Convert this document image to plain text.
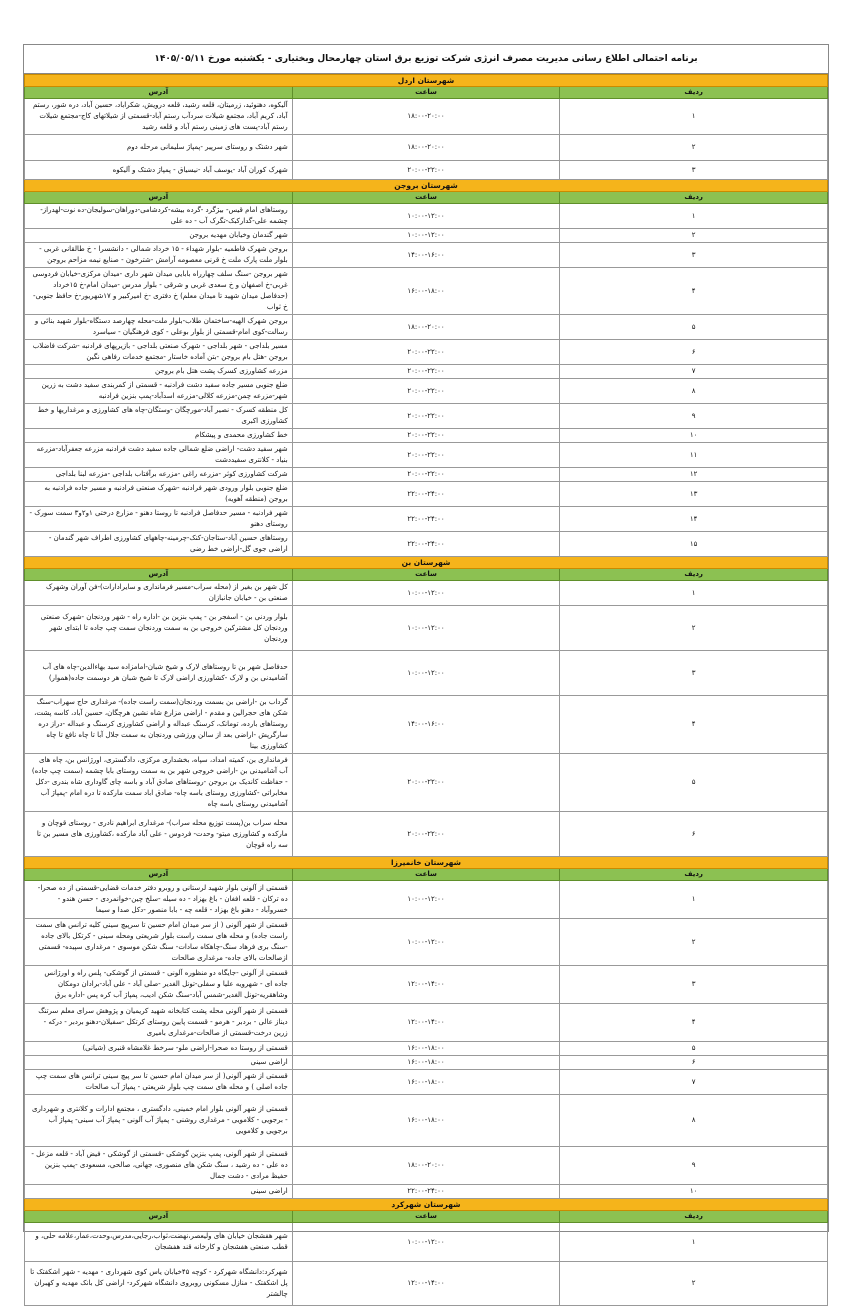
برنامه احتمالی اطلاع رسانی مدیریت مصرف انرژی شرکت توزیع برق استان چهارمحال وبختیاری - یکشنبه مورخ ۱۴۰۵/۰۵/۱۱
شهرستان اردل		
ردیف	ساعت	آدرس
۱	۱۸:۰۰-۲۰:۰۰	آلیکوه، دهنوئید، زرمیتان، قلعه رشید، قلعه درویش، شکراباد، حسین آباد، دره شور، رستم آباد، کریم آباد، مجتمع شیلات سردآب رستم آباد-قسمتی از شیلاتهای کاج-مجتمع شیلات رستم آباد-پست های زمینی رستم آباد و قلعه رشید
۲	۱۸:۰۰-۲۰:۰۰	شهر دشتک و روستای سرپیر -پمپاژ سلیمانی مرحله دوم
۳	۲۰:۰۰-۲۲:۰۰	شهرک کوران آباد -یوسف آباد -نیسیاق - پمپاژ دشتک و آلیکوه
شهرستان بروجن		
ردیف	ساعت	آدرس
۱	۱۰:۰۰-۱۲:۰۰	روستاهای امام قیس- بیژگرد -گرده بیشه-کردشامی-دوراهان-سولیجان-ده نوت-لهدراز-چشمه علی-گدارکبک-تگرک آب - ده علی
۲	۱۰:۰۰-۱۲:۰۰	شهر گندمان وخیابان مهدیه بروجن
۳	۱۴:۰۰-۱۶:۰۰	بروجن شهرک فاطمیه -بلوار شهداء - ۱۵ خرداد شمالی - دانشسرا - خ طالقانی غربی - بلوار ملت پارک ملت خ قرنی معصومه آرامش -شترخون - صنایع نیمه مزاحم بروجن
۴	۱۶:۰۰-۱۸:۰۰	شهر بروجن -سنگ سلف چهارراه بابایی میدان شهر داری -میدان مرکزی-خیابان فردوسی غربی-خ اصفهان و خ سعدی غربی و شرقی - بلوار مدرس -میدان امام-خ ۱۵خرداد (حدفاصل میدان شهید تا میدان معلم) خ دفتری -خ امیرکبیر و ۱۷شهریور-خ حافظ جنوبی-خ ثواب
۵	۱۸:۰۰-۲۰:۰۰	بروجن شهرک الهیه-ساختمان طلاب-بلوار ملت-محله چهارصد دستگاه-بلوار شهید بنائی و رسالت-کوی امام-قسمتی از بلوار بوعلی - کوی فرهنگیان - سیاسرد
۶	۲۰:۰۰-۲۲:۰۰	مسیر بلداجی - شهر بلداجی - شهرک صنعتی بلداجی - بازیرپهای فرادنبه -شرکت فاضلاب بروجن -هتل بام بروجن -بتن آماده خاستار -مجتمع خدمات رفاهی نگین
۷	۲۰:۰۰-۲۲:۰۰	مزرعه کشاورزی کسرک پشت هتل بام بروجن
۸	۲۰:۰۰-۲۲:۰۰	ضلع جنوبی مسیر جاده سفید دشت فرادنبه - قسمتی از کمربندی سفید دشت به زرین شهر-مزرعه چمن-مزرعه کلالی-مزرعه اسدآباد-پمپ بنزین فرادنبه
۹	۲۰:۰۰-۲۲:۰۰	کل منطقه کسرک - نصیر آباد-مورچگان -وستگان-چاه های کشاورزی و مرغداریها و خط کشاورزی اکبری
۱۰	۲۰:۰۰-۲۲:۰۰	خط کشاورزی محمدی و پیشکام
۱۱	۲۰:۰۰-۲۲:۰۰	شهر سفید دشت- اراضی ضلع شمالی جاده سفید دشت فرادنبه مزرعه جعفرآباد-مزرعه بنیاد - کلانتری سفیددشت
۱۲	۲۰:۰۰-۲۲:۰۰	شرکت کشاورزی کوثر -مزرعه راغی -مزرعه برآفتاب بلداجی -مزرعه لبنا بلداجی
۱۳	۲۲:۰۰-۲۴:۰۰	ضلع جنوبی بلوار ورودی شهر فرادنبه -شهرک صنعتی فرادنبه و مسیر جاده فرادنبه به بروجن (منطقه آهویه)
۱۴	۲۲:۰۰-۲۴:۰۰	شهر فرادنبه - مسیر حدفاصل فرادنبه تا روستا دهنو - مزارع درختی ۱و۲و۳ سمت سورک - روستای دهنو
۱۵	۲۲:۰۰-۲۴:۰۰	روستاهای حسین آباد-ستاجان-کنک-چرمینه-چاههای کشاورزی اطراف شهر گندمان - اراضی جوی گل-اراضی خط رضی
شهرستان بن		
ردیف	ساعت	آدرس
۱	۱۰:۰۰-۱۲:۰۰	کل شهر بن بغیر از (محله سراب-مسیر فرمانداری و سایرادارات)-فن آوران وشهرک صنعتی بن - خیابان جانبازان
۲	۱۰:۰۰-۱۲:۰۰	بلوار وردنی بن - اسفجر بن - پمپ بنزین بن -اداره راه - شهر وردنجان -شهرک صنعتی وردنجان کل مشترکین خروجی بن به سمت وردنجان سمت چپ جاده تا ابتدای شهر وردنجان
۳	۱۰:۰۰-۱۲:۰۰	حدفاصل شهر بن تا روستاهای لارک و شیخ شبان-امامزاده سید بهاءالدین-چاه های آب آشامیدنی بن و لارک -کشاورزی اراضی لارک تا شیخ شبان هر دوسمت جاده(هموار)
۴	۱۴:۰۰-۱۶:۰۰	گرداب بن -اراضی بن بسمت وردنجان(سمت راست جاده)- مرغداری حاج سهراب-سنگ شکن های حجرالین و مقدم - اراضی مزارع شاه نشین هرچگان، حسین آباد، کاسه پشت، روستاهای بارده، تومانک، کرسنگ عبداله و اراضی کشاورزی کرسنگ و عبداله -دراز دره سارگرپش -اراضی بعد از سالن ورزشی وردنجان به سمت جلال آبا تا چاه نافع تا چاه کشاورزی بینا
۵	۲۰:۰۰-۲۲:۰۰	فرمانداری بن، کمیته امداد، سپاه، بخشداری مرکزی، دادگستری، اورژانس بن، چاه های آب آشامیدنی بن -اراضی خروجی شهر بن به سمت روستای بابا چشمه (سمت چپ جاده) - حفاظت کاندیک بن بروجن -روستاهای صادق آباد و باسه چای گاوداری شاه بندری -دکل مخابراتی -کشاورزی روستای باسه چاه- صادق اباد سمت مارکده تا دره امام -پمپاژ آب آشامیدنی روستای باسه چاه
۶	۲۰:۰۰-۲۲:۰۰	محله سراب بن(پست توزیع محله سراب)- مرغداری ابراهیم نادری - روستای قوچان و مارکده و کشاورزی میتو- وحدت- فردوس - علی آباد مارکده ،کشاورزی های مسیر بن تا سه راه قوچان
شهرستان خانمیرزا		
ردیف	ساعت	آدرس
۱	۱۰:۰۰-۱۲:۰۰	قسمتی از آلونی بلوار شهید لرستانی و روبرو دفتر خدمات قضایی-قسمتی از ده صحرا- ده ترکان - قلعه افغان - باغ بهزاد - ده سیله -سلخ چین-خوانمردی - حسن هندو - خسروآباد - دهنو باغ بهزاد - قلعه چه - بابا منصور -دکل صدا و سیما
۲	۱۰:۰۰-۱۲:۰۰	قسمتی از شهر آلونی ( از سر میدان امام حسین تا سرپیچ سینی کلیه ترانس های سمت راست جاده) و محله های سمت راست بلوار شریعتی ومحله سینی - کرتکل بالای جاده -سنگ بری فرهاد سنگ-چاهکاه سادات- سنگ شکن موسوی - مرغداری سپیده- قسمتی ازصالحات بالای جاده- مرغداری صالحات
۳	۱۲:۰۰-۱۴:۰۰	قسمتی از آلونی -جایگاه دو منظوره آلونی - قسمتی از گوشکی- پلس راه و اورژانس جاده ای - شهرویه علیا و سفلی-تونل الغدیر -صلی آباد - علی آباد-برادان دومکان وشاهقریه-تونل الغدیر-شمس آباد-سنگ شکن ادیب، پمپاژ آب کره پس -اداره برق
۴	۱۲:۰۰-۱۴:۰۰	قسمتی از شهر آلونی محله پشت کتابخانه شهید کریمیان و پژوهش سرای معلم سرتنگ دیناز عالی - بردبر - هرمو - قسمت پایین روستای کرتکل -سفیلان-دهنو بردبر - درکه - زرین درخت-قسمتی از صالحات-مرغداری بامیری
۵	۱۶:۰۰-۱۸:۰۰	قسمتی از روستا ده صحرا-اراضی ملو- سرخط غلامشاه قنبری (شیانی)
۶	۱۶:۰۰-۱۸:۰۰	اراضی سینی
۷	۱۶:۰۰-۱۸:۰۰	قسمتی از شهر آلونی( از سر میدان امام حسین تا سر پیچ سینی ترانس های سمت چپ جاده اصلی ) و محله های سمت چپ بلوار شریعتی - پمپاژ آب صالحات
۸	۱۶:۰۰-۱۸:۰۰	قسمتی از شهر آلونی بلوار امام خمینی، دادگستری ، مجتمع ادارات و کلانتری و شهرداری - برجویی - کلامویی - مرغداری روشنی - پمپاژ آب آلونی - پمپاژ آب سینی- پمپاژ آب برجویی و کلامویی
۹	۱۸:۰۰-۲۰:۰۰	قسمتی از شهر آلونی، پمپ بنزین گوشکی -قسمتی از گوشکی - فیض آباد - قلعه مزعل - ده علی - ده رشید ، سنگ شکن های منصوری، جهانی، صالحی، مسعودی -پمپ بنزین حفیظ مرادی - دشت جمال
۱۰	۲۲:۰۰-۲۴:۰۰	اراضی سینی
شهرستان شهرکرد		
ردیف	ساعت	آدرس
۱	۱۰:۰۰-۱۲:۰۰	شهر هفشجان خیابان های ولیعصر،نهضت،ثواب،رجایی،مدرس،وحدت،عمار،علامه حلی، و قطب صنعتی هفشجان و کارخانه قند هفشجان
۲	۱۲:۰۰-۱۴:۰۰	شهرکرد:دانشگاه شهرکرد - کوچه ۴۵خیابان یاس کوی شهرداری - مهدیه - شهر اشکفتک تا پل اشکفتک - منازل مسکونی روبروی دانشگاه شهرکرد- اراضی کل بانک مهدیه و کهبران چالشتر
